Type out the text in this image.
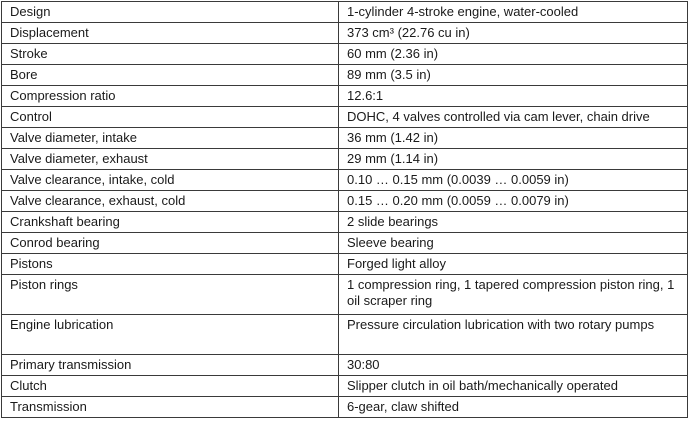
Design	1-cylinder 4-stroke engine, water-cooled

Displacement	373 cm³ (22.76 cu in)

Stroke	60 mm (2.36 in)

Bore	89 mm (3.5 in)

Compression ratio	12.6:1

Control	DOHC, 4 valves controlled via cam lever, chain drive

Valve diameter, intake	36 mm (1.42 in)

Valve diameter, exhaust	29 mm (1.14 in)

Valve clearance, intake, cold	0.10 … 0.15 mm (0.0039 … 0.0059 in)

Valve clearance, exhaust, cold	0.15 … 0.20 mm (0.0059 … 0.0079 in)

Crankshaft bearing	2 slide bearings

Conrod bearing	Sleeve bearing

Pistons	Forged light alloy

Piston rings	1 compression ring, 1 tapered compression piston ring, 1 oil scraper ring

Engine lubrication	Pressure circulation lubrication with two rotary pumps

Primary transmission	30:80

Clutch	Slipper clutch in oil bath/mechanically operated

Transmission	6-gear, claw shifted
